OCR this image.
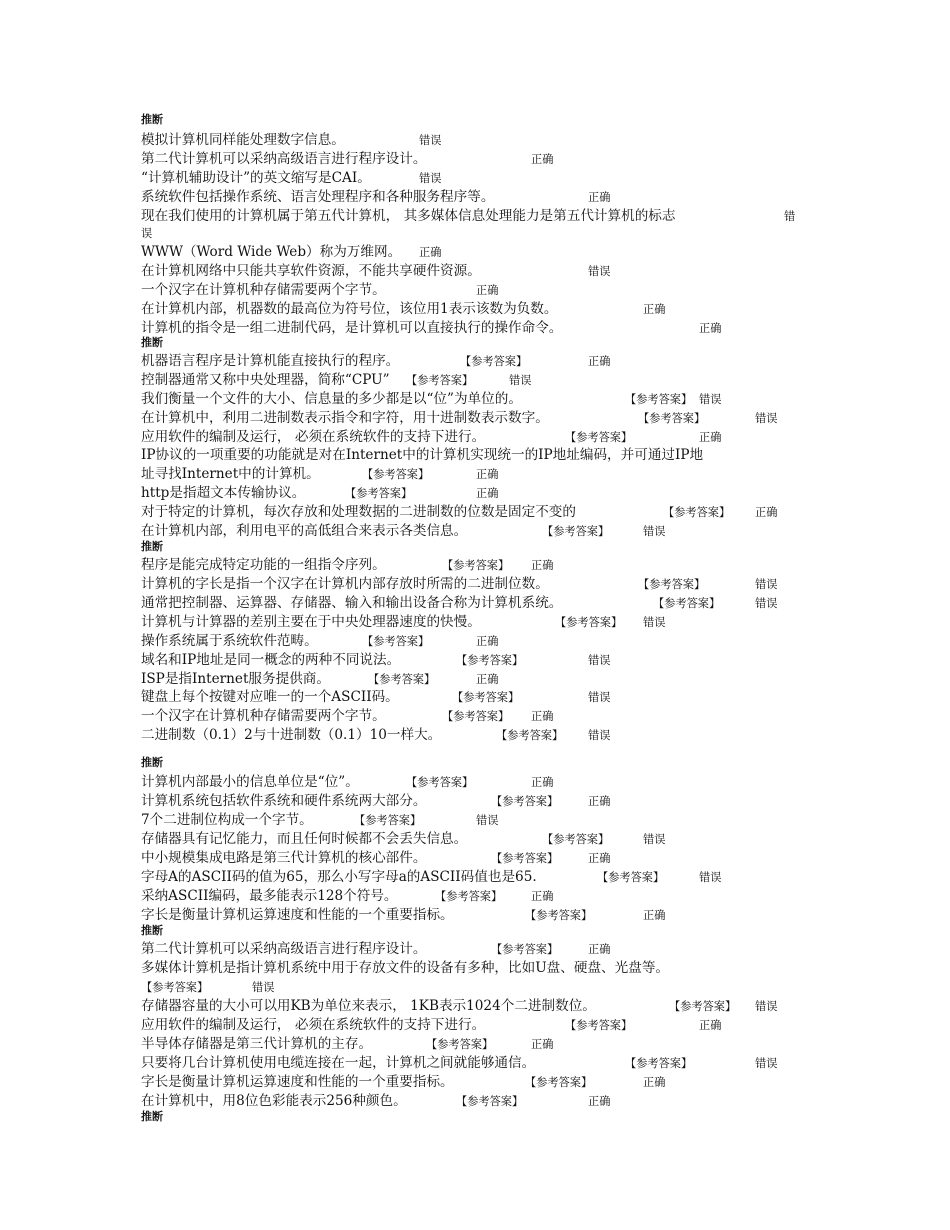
推断
模拟计算机同样能处理数字信息。	错误
第二代计算机可以采纳高级语言进行程序设计。	正确
“计算机辅助设计”的英文缩写是CAI。	错误
系统软件包括操作系统、语言处理程序和各种服务程序等。	正确
现在我们使用的计算机属于第五代计算机， 其多媒体信息处理能力是第五代计算机的标志	错
误
WWW（Word Wide Web）称为万维网。 正确
在计算机网络中只能共享软件资源，不能共享硬件资源。	错误
一个汉字在计算机种存储需要两个字节。	正确
在计算机内部，机器数的最高位为符号位，该位用1表示该数为负数。	正确
计算机的指令是一组二进制代码，是计算机可以直接执行的操作命令。	正确
推断
机器语言程序是计算机能直接执行的程序。	【参考答案】	正确
控制器通常又称中央处理器，简称“CPU” 【参考答案】	错误
我们衡量一个文件的大小、信息量的多少都是以“位”为单位的。	【参考答案】 错误
在计算机中，利用二进制数表示指令和字符，用十进制数表示数字。	【参考答案】	错误
应用软件的编制及运行， 必须在系统软件的支持下进行。	【参考答案】	正确
IP协议的一项重要的功能就是对在Internet中的计算机实现统一的IP地址编码，并可通过IP地
址寻找Internet中的计算机。	【参考答案】	正确
http是指超文本传输协议。	【参考答案】	正确
对于特定的计算机，每次存放和处理数据的二进制数的位数是固定不变的	【参考答案】 正确
在计算机内部，利用电平的高低组合来表示各类信息。	【参考答案】	错误
推断
程序是能完成特定功能的一组指令序列。	【参考答案】 正确
计算机的字长是指一个汉字在计算机内部存放时所需的二进制位数。	【参考答案】	错误
通常把控制器、运算器、存储器、输入和输出设备合称为计算机系统。	【参考答案】	错误
计算机与计算器的差别主要在于中央处理器速度的快慢。	【参考答案】 错误
操作系统属于系统软件范畴。	【参考答案】	正确
域名和IP地址是同一概念的两种不同说法。	【参考答案】	错误
ISP是指Internet服务提供商。	【参考答案】	正确
键盘上每个按键对应唯一的一个ASCII码。	【参考答案】	错误
一个汉字在计算机种存储需要两个字节。	【参考答案】 正确
二进制数（0.1）2与十进制数（0.1）10一样大。	【参考答案】 错误
推断
计算机内部最小的信息单位是“位”。	【参考答案】	正确
计算机系统包括软件系统和硬件系统两大部分。	【参考答案】	正确
7个二进制位构成一个字节。	【参考答案】	错误
存储器具有记忆能力，而且任何时候都不会丢失信息。	【参考答案】	错误
中小规模集成电路是第三代计算机的核心部件。	【参考答案】	正确
字母A的ASCII码的值为65，那么小写字母a的ASCII码值也是65.	【参考答案】	错误
采纳ASCII编码，最多能表示128个符号。	【参考答案】	正确
字长是衡量计算机运算速度和性能的一个重要指标。	【参考答案】	正确
推断
第二代计算机可以采纳高级语言进行程序设计。	【参考答案】	正确
多媒体计算机是指计算机系统中用于存放文件的设备有多种，比如U盘、硬盘、光盘等。
【参考答案】	错误
存储器容量的大小可以用KB为单位来表示， 1KB表示1024个二进制数位。	【参考答案】 错误
应用软件的编制及运行， 必须在系统软件的支持下进行。	【参考答案】	正确
半导体存储器是第三代计算机的主存。	【参考答案】	正确
只要将几台计算机使用电缆连接在一起，计算机之间就能够通信。	【参考答案】	错误
字长是衡量计算机运算速度和性能的一个重要指标。	【参考答案】	正确
在计算机中，用8位色彩能表示256种颜色。	【参考答案】	正确
推断
